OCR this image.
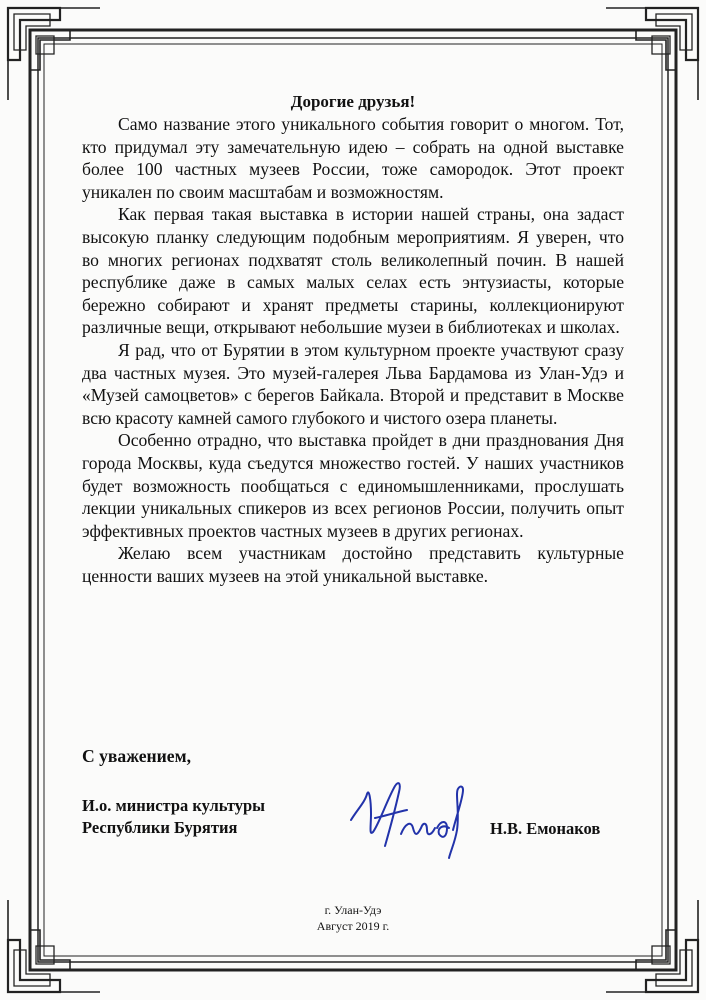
Дорогие друзья!

Само название этого уникального события говорит о многом. Тот, кто придумал эту замечательную идею – собрать на одной выставке более 100 частных музеев России, тоже самородок. Этот проект уникален по своим масштабам и возможностям.

Как первая такая выставка в истории нашей страны, она задаст высокую планку следующим подобным мероприятиям. Я уверен, что во многих регионах подхватят столь великолепный почин. В нашей республике даже в самых малых селах есть энтузиасты, которые бережно собирают и хранят предметы старины, коллекционируют различные вещи, открывают небольшие музеи в библиотеках и школах.

Я рад, что от Бурятии в этом культурном проекте участвуют сразу два частных музея. Это музей-галерея Льва Бардамова из Улан-Удэ и «Музей самоцветов» с берегов Байкала. Второй и представит в Москве всю красоту камней самого глубокого и чистого озера планеты.

Особенно отрадно, что выставка пройдет в дни празднования Дня города Москвы, куда съедутся множество гостей. У наших участников будет возможность пообщаться с единомышленниками, прослушать лекции уникальных спикеров из всех регионов России, получить опыт эффективных проектов частных музеев в других регионах.

Желаю всем участникам достойно представить культурные ценности ваших музеев на этой уникальной выставке.

С уважением,
И.о. министра культуры
Республики Бурятия	Н.В. Емонаков
г. Улан-Удэ
Август 2019 г.
